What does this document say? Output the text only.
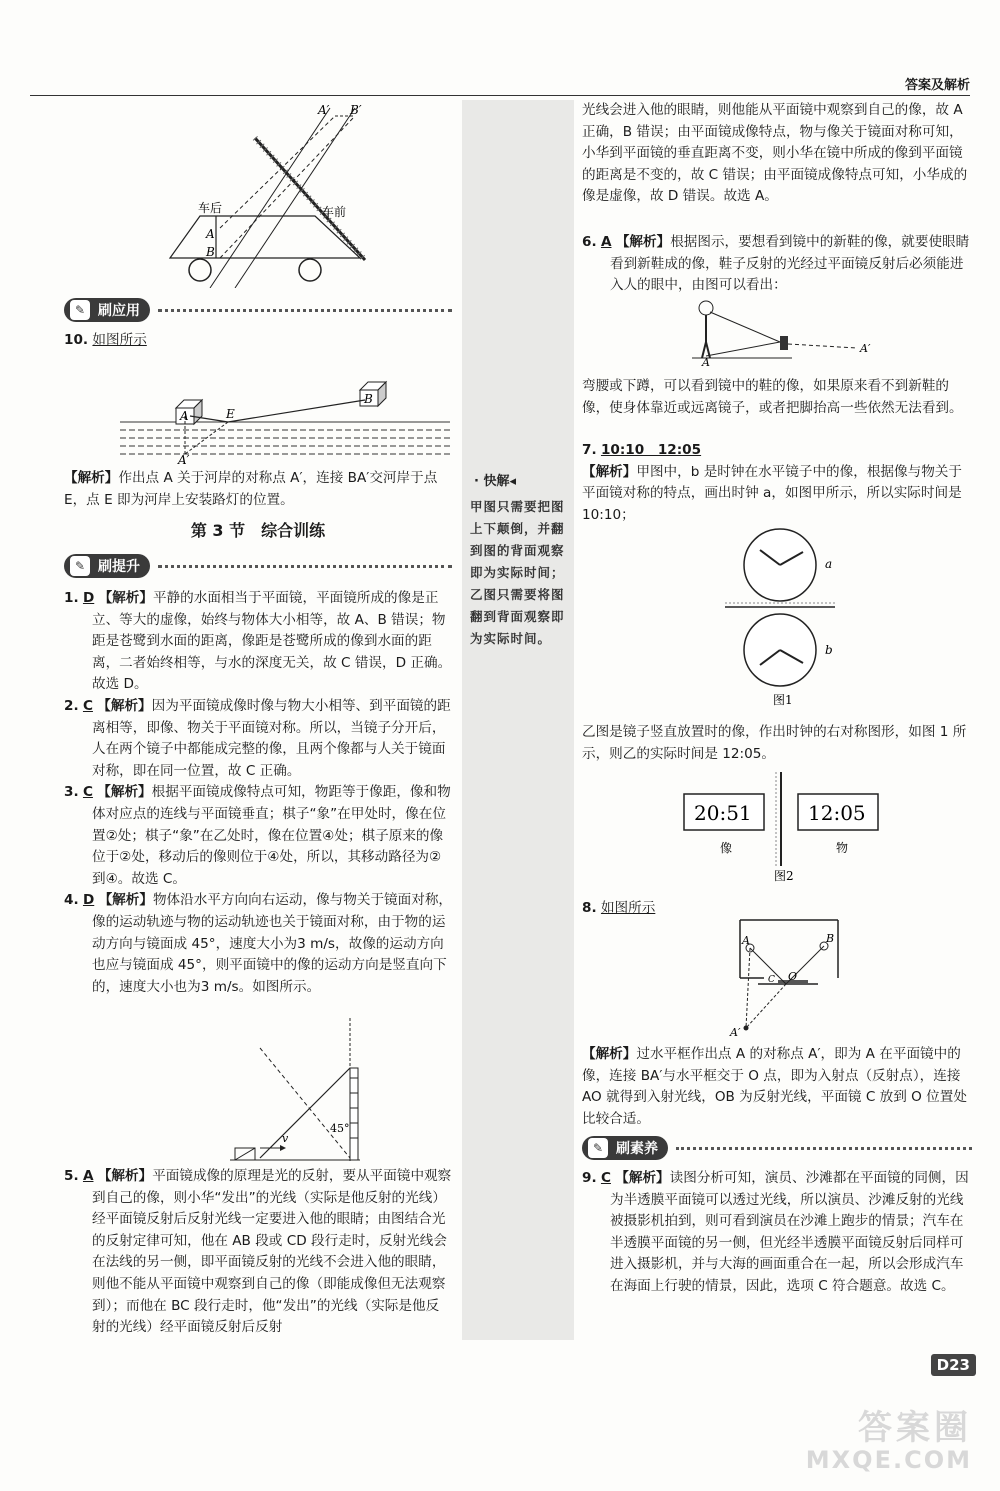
答案及解析
· 快解◂
甲图只需要把图上下颠倒，并翻到图的背面观察即为实际时间；乙图只需要将图翻到背面观察即为实际时间。
车后	车前
A
B
A′ B′
✎ 刷应用

10. 如图所示

A
B
E
A′

【解析】作出点 A 关于河岸的对称点 A′，连接 BA′交河岸于点 E，点 E 即为河岸上安装路灯的位置。

第 3 节　综合训练
✎ 刷提升

1. D 【解析】平静的水面相当于平面镜，平面镜所成的像是正立、等大的虚像，始终与物体大小相等，故 A、B 错误；物距是苍鹭到水面的距离，像距是苍鹭所成的像到水面的距离，二者始终相等，与水的深度无关，故 C 错误，D 正确。故选 D。

2. C 【解析】因为平面镜成像时像与物大小相等、到平面镜的距离相等，即像、物关于平面镜对称。所以，当镜子分开后，人在两个镜子中都能成完整的像，且两个像都与人关于镜面对称，即在同一位置，故 C 正确。

3. C 【解析】根据平面镜成像特点可知，物距等于像距，像和物体对应点的连线与平面镜垂直；棋子“象”在甲处时，像在位置②处；棋子“象”在乙处时，像在位置④处；棋子原来的像位于②处，移动后的像则位于④处，所以，其移动路径为②到④。故选 C。

4. D 【解析】物体沿水平方向向右运动，像与物关于镜面对称，像的运动轨迹与物的运动轨迹也关于镜面对称，由于物的运动方向与镜面成 45°，速度大小为3 m/s，故像的运动方向也应与镜面成 45°，则平面镜中的像的运动方向是竖直向下的，速度大小也为3 m/s。如图所示。

v
45°

5. A 【解析】平面镜成像的原理是光的反射，要从平面镜中观察到自己的像，则小华“发出”的光线（实际是他反射的光线）经平面镜反射后反射光线一定要进入他的眼睛；由图结合光的反射定律可知，他在 AB 段或 CD 段行走时，反射光线会在法线的另一侧，即平面镜反射的光线不会进入他的眼睛，则他不能从平面镜中观察到自己的像（即能成像但无法观察到）；而他在 BC 段行走时，他“发出”的光线（实际是他反射的光线）经平面镜反射后反射

光线会进入他的眼睛，则他能从平面镜中观察到自己的像，故 A 正确，B 错误；由平面镜成像特点，物与像关于镜面对称可知，小华到平面镜的垂直距离不变，则小华在镜中所成的像到平面镜的距离是不变的，故 C 错误；由平面镜成像特点可知，小华成的像是虚像，故 D 错误。故选 A。

6. A 【解析】根据图示，要想看到镜中的新鞋的像，就要使眼睛看到新鞋成的像，鞋子反射的光经过平面镜反射后必须能进入人的眼中，由图可以看出：

A
A′

弯腰或下蹲，可以看到镜中的鞋的像，如果原来看不到新鞋的像，使身体靠近或远离镜子，或者把脚抬高一些依然无法看到。

7. 10:10　12:05

【解析】甲图中，b 是时钟在水平镜子中的像，根据像与物关于平面镜对称的特点，画出时钟 a，如图甲所示，所以实际时间是 10:10；

a
b
图1

乙图是镜子竖直放置时的像，作出时钟的右对称图形，如图 1 所示，则乙的实际时间是 12:05。

20:51	12:05
像	物
图2

8. 如图所示

A	B
O
C
A′

【解析】过水平框作出点 A 的对称点 A′，即为 A 在平面镜中的像，连接 BA′与水平框交于 O 点，即为入射点（反射点），连接 AO 就得到入射光线，OB 为反射光线，平面镜 C 放到 O 位置处比较合适。

✎ 刷素养

9. C 【解析】读图分析可知，演员、沙滩都在平面镜的同侧，因为半透膜平面镜可以透过光线，所以演员、沙滩反射的光线被摄影机拍到，则可看到演员在沙滩上跑步的情景；汽车在半透膜平面镜的另一侧，但光经半透膜平面镜反射后同样可进入摄影机，并与大海的画面重合在一起，所以会形成汽车在海面上行驶的情景，因此，选项 C 符合题意。故选 C。

D23
答案圈
MXQE.COM
